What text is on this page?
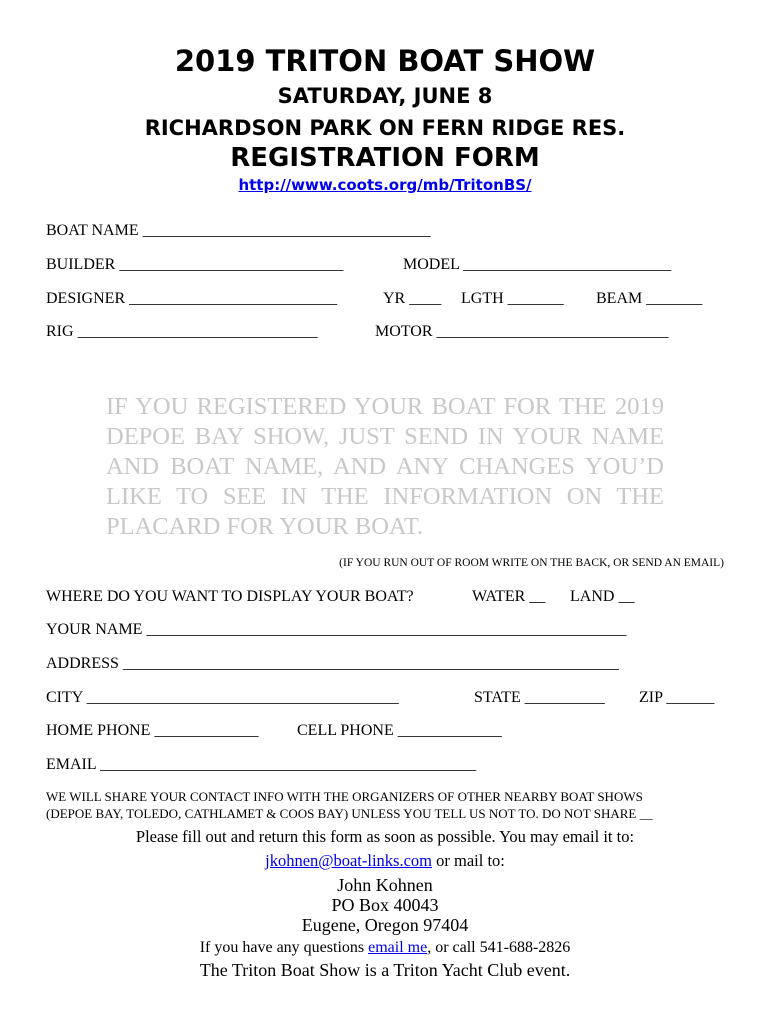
2019 TRITON BOAT SHOW
SATURDAY, JUNE 8
RICHARDSON PARK ON FERN RIDGE RES.
REGISTRATION FORM
http://www.coots.org/mb/TritonBS/
BOAT NAME ____________________________________
BUILDER ____________________________	MODEL __________________________
DESIGNER __________________________	YR ____ LGTH _______ BEAM _______
RIG ______________________________	MOTOR _____________________________
IF YOU REGISTERED YOUR BOAT FOR THE 2019 DEPOE BAY SHOW, JUST SEND IN YOUR NAME AND BOAT NAME, AND ANY CHANGES YOU’D LIKE TO SEE IN THE INFORMATION ON THE PLACARD FOR YOUR BOAT.
(IF YOU RUN OUT OF ROOM WRITE ON THE BACK, OR SEND AN EMAIL)
WHERE DO YOU WANT TO DISPLAY YOUR BOAT?	WATER __ LAND __
YOUR NAME ____________________________________________________________
ADDRESS ______________________________________________________________
CITY _______________________________________	STATE __________ ZIP ______
HOME PHONE _____________ CELL PHONE _____________
EMAIL _______________________________________________
WE WILL SHARE YOUR CONTACT INFO WITH THE ORGANIZERS OF OTHER NEARBY BOAT SHOWS
(DEPOE BAY, TOLEDO, CATHLAMET & COOS BAY) UNLESS YOU TELL US NOT TO. DO NOT SHARE __
Please fill out and return this form as soon as possible. You may email it to:
jkohnen@boat-links.com or mail to:
John Kohnen
PO Box 40043
Eugene, Oregon 97404
If you have any questions email me, or call 541-688-2826
The Triton Boat Show is a Triton Yacht Club event.
